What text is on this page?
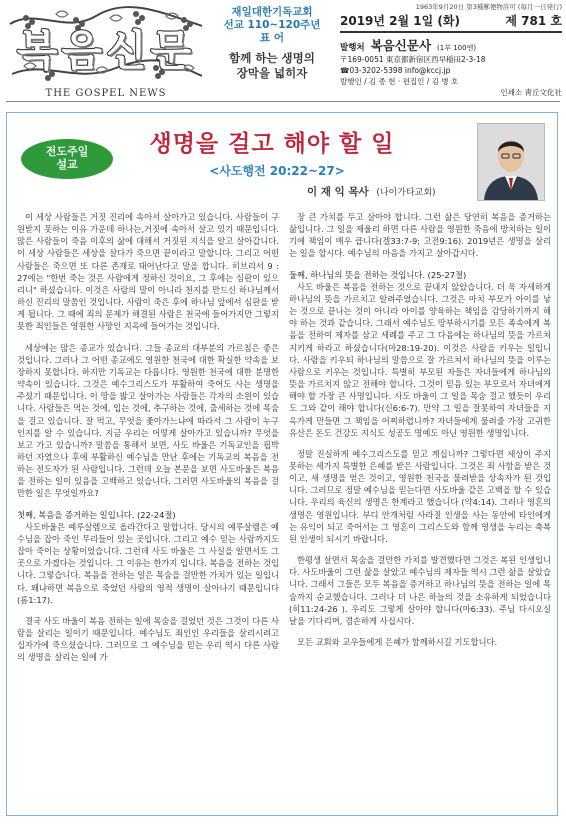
복음신문
THE GOSPEL NEWS
재일대한기독교회
선교 110~120주년
표 어
함께 하는 생명의
장막을 넓히자
1963年9月20日 第3種郵便物許可 (毎月一日発行)
2019년 2월 1일 (화)	제 781 호
발행처 복음신문사 (1부 100엔)
〒169-0051 東京都新宿区西早稲田2-3-18
☎03-3202-5398 info@kccj.jp
발행인 / 김 종 현 · 편집인 / 김 병 호
인쇄소 靑丘文化社
전도주일
설교
생명을 걸고 해야 할 일
<사도행전 20:22~27>
이 재 익 목사 (나이가타교회)

이 세상 사람들은 거짓 진리에 속아서 살아가고 있습니다. 사람들이 구원받지 못하는 이유 가운데 하나는,거짓에 속아서 살고 있기 때문입니다. 많은 사람들이 죽음 이후의 삶에 대해서 거짓된 지식을 알고 살아갑니다. 이 세상 사람들은 세상을 살다가 죽으면 끝이라고 말합니다. 그리고 어떤 사람들은 죽으면 또 다른 존재로 태어난다고 말을 합니다. 히브리서 9 : 27에는 "한번 죽는 것은 사람에게 정하신 것이요, 그 후에는 심판이 있으리니" 하셨습니다. 이것은 사람의 말이 아니라 천지를 만드신 하나님께서 하신 진리의 말씀인 것입니다. 사람이 죽은 후에 하나님 앞에서 심판을 받게 됩니다. 그 때에 죄의 문제가 해결된 사람은 천국에 들어가지만 그렇지 못한 죄인들은 영원한 사망인 지옥에 들어가는 것입니다.

세상에는 많은 종교가 있습니다. 그들 종교의 대부분의 가르침은 좋은 것입니다. 그러나 그 어떤 종교에도 영원한 천국에 대한 확실한 약속을 보장하지 못합니다. 하지만 기독교는 다릅니다. 영원한 천국에 대한 분명한 약속이 있습니다. 그것은 예수그리스도가 부활하여 죽어도 사는 생명을 주셨기 때문입니다. 이 땅을 밟고 살아가는 사람들은 각자의 소원이 있습니다. 사람들은 먹는 것에, 입는 것에, 추구하는 것에, 출세하는 것에 목숨을 걸고 있습니다. 잘 먹고, 무엇을 좇아가느냐에 따라서 그 사람이 누구인지를 알 수 있습니다. 지금 우리는 어떻게 살아가고 있습니까? 무엇을 보고 가고 있습니까? 말씀을 통해서 보면, 사도 바울은 기독교인을 핍박하던 자였으나 후에 부활하신 예수님을 만난 후에는 기독교의 복음을 전하는 전도자가 된 사람입니다. 그런데 오늘 본문을 보면 사도바울은 복음을 전하는 일이 있음을 고백하고 있습니다. 그러면 사도바울의 복음을 걸만한 일은 무엇일까요?

첫째, 복음을 증거하는 일입니다. (22-24절)

사도바울은 예루살렘으로 올라간다고 말합니다. 당시의 예루살렘은 예수님을 잡아 죽인 무리들이 있는 곳입니다. 그리고 예수 믿는 사람까지도 잡아 죽이는 상황이었습니다. 그런데 사도 바울은 그 사실을 알면서도 그곳으로 가겠다는 것입니다. 그 이유는 한가지 입니다. 복음을 전하는 것입니다. 그렇습니다. 복음을 전하는 일은 목숨을 걸만한 가치가 있는 일입니다. 왜냐하면 복음으로 죽었던 사람의 영적 생명이 살아나기 때문입니다 (롬1:17).

결국 사도 바울이 복음 전하는 일에 목숨을 걸었던 것은 그것이 다른 사람을 살리는 일이기 때문입니다. 예수님도 죄인인 우리들을 살리시려고 십자가에 죽으셨습니다. 그러므로 그 예수님을 믿는 우리 역시 다른 사람의 생명을 살리는 일에 가

장 큰 가치를 두고 살아야 합니다. 그런 삶은 당연히 복음을 증거하는 삶입니다. 그 일을 제울리 하면 다른 사람을 영원한 죽음에 방치하는 일이기에 책임이 매우 큽니다(겔33:7-9; 고전9:16). 2019년은 생명을 살리는 일을 합시다. 예수님의 마음을 가지고 살아갑시다.

둘째, 하나님의 뜻을 전하는 것입니다. (25-27절)

사도 바울은 복음을 전하는 것으로 끝내지 않았습니다. 더 욱 자세하게 하나님의 뜻을 가르치고 알려주었습니다. 그것은 마치 부모가 아이를 낳는 것으로 끝나는 것이 아니라 아이를 양육하는 책임을 감당하기까지 해야 하는 것과 같습니다. 그래서 예수님도 땅부하시기를 모든 족속에게 복음을 전하여 제자를 삼고 세례를 주고 그 다음에는 하나님의 뜻을 가르쳐 지키게 하라고 하셨습니다(마28:19-20). 이것은 사람을 키우는 일입니다. 사람을 키우되 하나님의 말씀으로 잘 가르쳐서 하나님의 뜻을 이루는 사람으로 키우는 것입니다. 특별히 부모된 자들은 자녀들에게 하나님의 뜻을 가르치지 않고 전해야 합니다. 그것이 믿음 있는 부모로서 자녀에게 해야 할 가장 큰 사명입니다. 사도 바울이 그 일을 목숨 걸고 했듯이 우리도 그와 같이 해야 합니다(신6:6-7). 만약 그 일을 잘못하여 자녀들을 지옥가게 만들면 그 책임을 어찌하렵니까? 자녀들에게 물려줄 가장 고귀한 유산은 돈도 건강도 지식도 성공도 명예도 아닌 영원한 생명입니다.

정말 진실하게 예수그리스도를 믿고 계십니까? 그렇다면 세상이 주지 못하는 세가지 특별한 은혜를 받은 사람입니다. 그것은 죄 사함을 받은 것이고, 새 생명을 얻은 것이고, 영원한 천국을 물려받을 상속자가 된 것입니다. 그러므로 정말 예수님을 믿는다면 사도바울 같은 고백을 할 수 있습니다. 우리의 육신의 생명은 한계라고 했습니다 (약4:14). 그러나 영혼의 생명은 영원입니다. 부디 안개처럼 사라질 인생을 사는 동안에 타인에게는 유익이 되고 죽어서는 그 영혼이 그리스도와 함께 영생을 누리는 축복된 인생이 되시기 바랍니다.

한평생 살면서 목숨을 걸만한 가치를 발견했다면 그것은 복된 인생입니다. 사도바울이 그런 삶을 살았고 예수님의 제자들 역시 그런 삶을 살았습니다. 그래서 그들은 모두 복음을 증거하고 하나님의 뜻을 전하는 일에 목숨까지 순교했습니다. 그러나 더 나은 하늘의 것을 소유하게 되었습니다(히11:24-26 ). 우리도 그렇게 살아야 합니다(마6:33). 주님 다시오실 날을 기다리며, 겸손하게 사십시다.

모든 교회와 교우들에게 은혜가 함께하시길 기도합니다.
